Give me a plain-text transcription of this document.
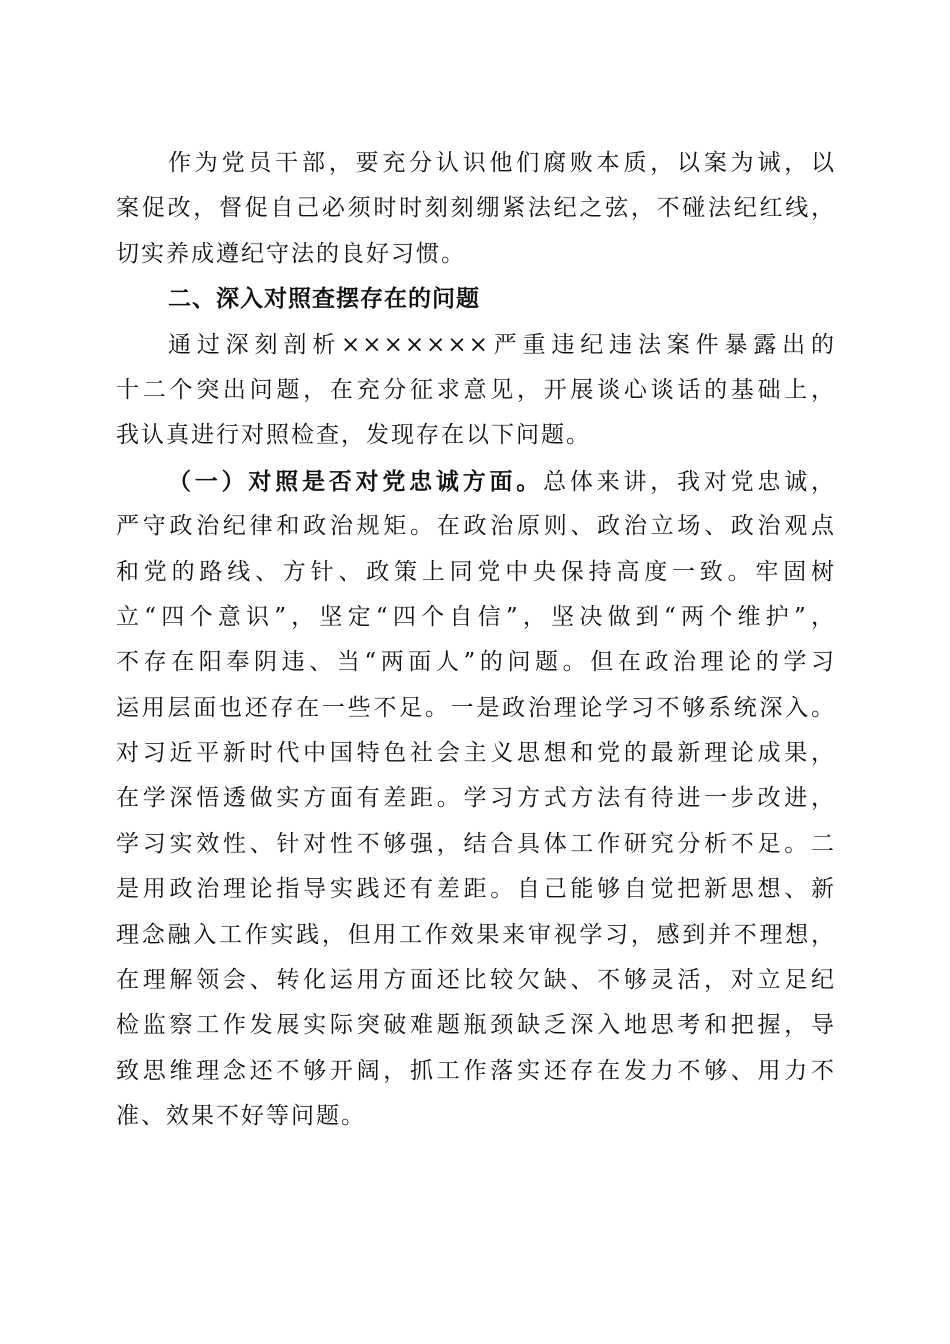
作为党员干部，要充分认识他们腐败本质，以案为诫，以
案促改，督促自己必须时时刻刻绷紧法纪之弦，不碰法纪红线，
切实养成遵纪守法的良好习惯。
二、深入对照查摆存在的问题
通过深刻剖析×××××××严重违纪违法案件暴露出的
十二个突出问题，在充分征求意见，开展谈心谈话的基础上，
我认真进行对照检查，发现存在以下问题。
（一）对照是否对党忠诚方面。总体来讲，我对党忠诚，
严守政治纪律和政治规矩。在政治原则、政治立场、政治观点
和党的路线、方针、政策上同党中央保持高度一致。牢固树
立“四个意识”，坚定“四个自信”，坚决做到“两个维护”，
不存在阳奉阴违、当“两面人”的问题。但在政治理论的学习
运用层面也还存在一些不足。一是政治理论学习不够系统深入。
对习近平新时代中国特色社会主义思想和党的最新理论成果，
在学深悟透做实方面有差距。学习方式方法有待进一步改进，
学习实效性、针对性不够强，结合具体工作研究分析不足。二
是用政治理论指导实践还有差距。自己能够自觉把新思想、新
理念融入工作实践，但用工作效果来审视学习，感到并不理想，
在理解领会、转化运用方面还比较欠缺、不够灵活，对立足纪
检监察工作发展实际突破难题瓶颈缺乏深入地思考和把握，导
致思维理念还不够开阔，抓工作落实还存在发力不够、用力不
准、效果不好等问题。
